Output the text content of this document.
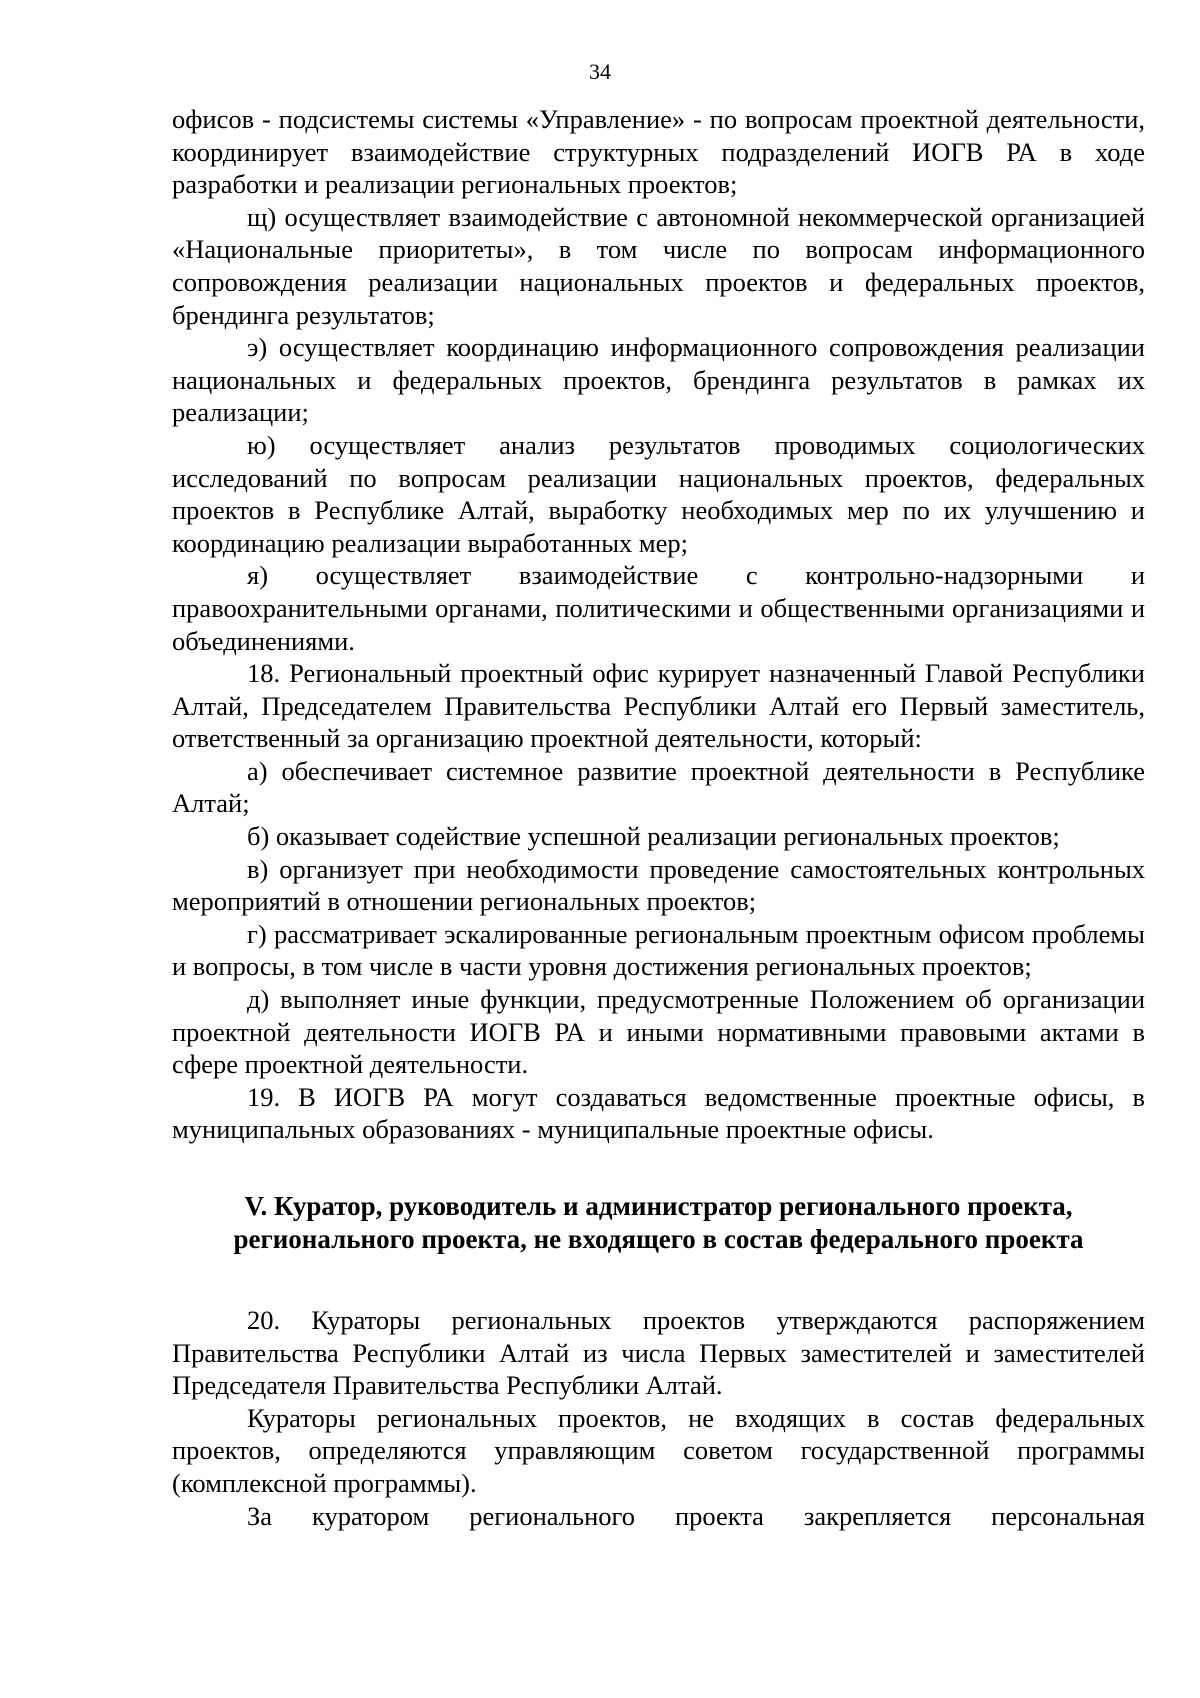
34

офисов - подсистемы системы «Управление» - по вопросам проектной деятельности, координирует взаимодействие структурных подразделений ИОГВ РА в ходе разработки и реализации региональных проектов;

щ) осуществляет взаимодействие с автономной некоммерческой организацией «Национальные приоритеты», в том числе по вопросам информационного сопровождения реализации национальных проектов и федеральных проектов, брендинга результатов;

э) осуществляет координацию информационного сопровождения реализации национальных и федеральных проектов, брендинга результатов в рамках их реализации;

ю) осуществляет анализ результатов проводимых социологических исследований по вопросам реализации национальных проектов, федеральных проектов в Республике Алтай, выработку необходимых мер по их улучшению и координацию реализации выработанных мер;

я) осуществляет взаимодействие с контрольно-надзорными и правоохранительными органами, политическими и общественными организациями и объединениями.

18. Региональный проектный офис курирует назначенный Главой Республики Алтай, Председателем Правительства Республики Алтай его Первый заместитель, ответственный за организацию проектной деятельности, который:

а) обеспечивает системное развитие проектной деятельности в Республике Алтай;

б) оказывает содействие успешной реализации региональных проектов;

в) организует при необходимости проведение самостоятельных контрольных мероприятий в отношении региональных проектов;

г) рассматривает эскалированные региональным проектным офисом проблемы и вопросы, в том числе в части уровня достижения региональных проектов;

д) выполняет иные функции, предусмотренные Положением об организации проектной деятельности ИОГВ РА и иными нормативными правовыми актами в сфере проектной деятельности.

19. В ИОГВ РА могут создаваться ведомственные проектные офисы, в муниципальных образованиях - муниципальные проектные офисы.

V. Куратор, руководитель и администратор регионального проекта,
регионального проекта, не входящего в состав федерального проекта

20. Кураторы региональных проектов утверждаются распоряжением Правительства Республики Алтай из числа Первых заместителей и заместителей Председателя Правительства Республики Алтай.

Кураторы региональных проектов, не входящих в состав федеральных проектов, определяются управляющим советом государственной программы (комплексной программы).

За куратором регионального проекта закрепляется персональная
